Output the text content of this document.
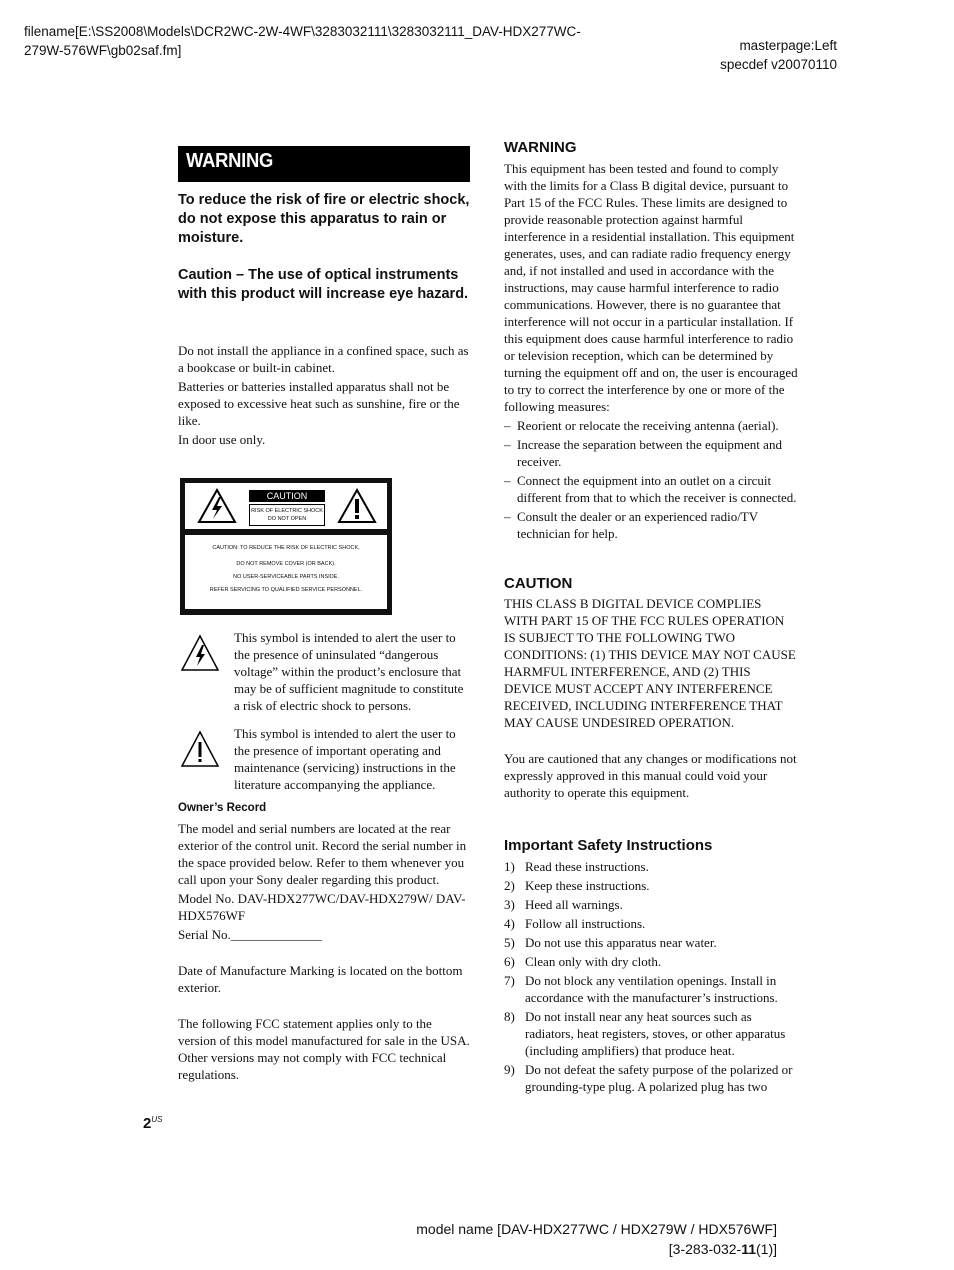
filename[E:\SS2008\Models\DCR2WC-2W-4WF\3283032111\3283032111_DAV-HDX277WC-
279W-576WF\gb02saf.fm]	masterpage:Left
specdef v20070110
WARNING
To reduce the risk of fire or electric shock, do not expose this apparatus to rain or moisture.
Caution – The use of optical instruments with this product will increase eye hazard.

Do not install the appliance in a confined space, such as a bookcase or built-in cabinet.

Batteries or batteries installed apparatus shall not be exposed to excessive heat such as sunshine, fire or the like.

In door use only.

CAUTION
RISK OF ELECTRIC SHOCK
DO NOT OPEN
CAUTION: TO REDUCE THE RISK OF ELECTRIC SHOCK,
DO NOT REMOVE COVER (OR BACK).
NO USER-SERVICEABLE PARTS INSIDE.
REFER SERVICING TO QUALIFIED SERVICE PERSONNEL.
This symbol is intended to alert the user to the presence of uninsulated “dangerous voltage” within the product’s enclosure that may be of sufficient magnitude to constitute a risk of electric shock to persons.
This symbol is intended to alert the user to the presence of important operating and maintenance (servicing) instructions in the literature accompanying the appliance.
Owner’s Record

The model and serial numbers are located at the rear exterior of the control unit. Record the serial number in the space provided below. Refer to them whenever you call upon your Sony dealer regarding this product.

Model No. DAV-HDX277WC/DAV-HDX279W/ DAV-HDX576WF

Serial No.______________

Date of Manufacture Marking is located on the bottom exterior.

The following FCC statement applies only to the version of this model manufactured for sale in the USA. Other versions may not comply with FCC technical regulations.

$2^{US}$
WARNING

This equipment has been tested and found to comply with the limits for a Class B digital device, pursuant to Part 15 of the FCC Rules. These limits are designed to provide reasonable protection against harmful interference in a residential installation. This equipment generates, uses, and can radiate radio frequency energy and, if not installed and used in accordance with the instructions, may cause harmful interference to radio communications. However, there is no guarantee that interference will not occur in a particular installation. If this equipment does cause harmful interference to radio or television reception, which can be determined by turning the equipment off and on, the user is encouraged to try to correct the interference by one or more of the following measures:

– Reorient or relocate the receiving antenna (aerial).
– Increase the separation between the equipment and receiver.
– Connect the equipment into an outlet on a circuit different from that to which the receiver is connected.
– Consult the dealer or an experienced radio/TV technician for help.
CAUTION

THIS CLASS B DIGITAL DEVICE COMPLIES WITH PART 15 OF THE FCC RULES OPERATION IS SUBJECT TO THE FOLLOWING TWO CONDITIONS: (1) THIS DEVICE MAY NOT CAUSE HARMFUL INTERFERENCE, AND (2) THIS DEVICE MUST ACCEPT ANY INTERFERENCE RECEIVED, INCLUDING INTERFERENCE THAT MAY CAUSE UNDESIRED OPERATION.

You are cautioned that any changes or modifications not expressly approved in this manual could void your authority to operate this equipment.

Important Safety Instructions
1) Read these instructions.
2) Keep these instructions.
3) Heed all warnings.
4) Follow all instructions.
5) Do not use this apparatus near water.
6) Clean only with dry cloth.
7) Do not block any ventilation openings. Install in accordance with the manufacturer’s instructions.
8) Do not install near any heat sources such as radiators, heat registers, stoves, or other apparatus (including amplifiers) that produce heat.
9) Do not defeat the safety purpose of the polarized or grounding-type plug. A polarized plug has two
model name [DAV-HDX277WC / HDX279W / HDX576WF]
[3-283-032-11(1)]
